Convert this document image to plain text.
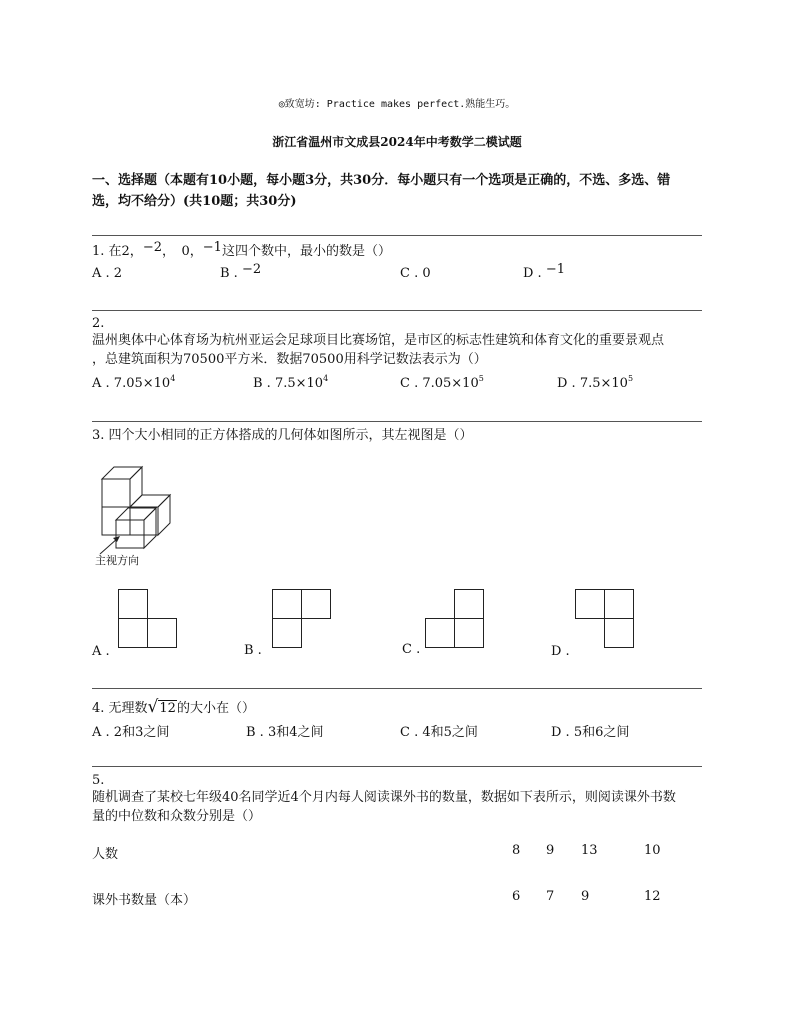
◎致宽坊: Practice makes perfect.熟能生巧。
浙江省温州市文成县2024年中考数学二模试题
一、选择题（本题有10小题，每小题3分，共30分．每小题只有一个选项是正确的，不选、多选、错
选，均不给分）(共10题；共30分)
1. 在2，−2，　0，−1这四个数中，最小的数是（）
A . 2	B . −2	C . 0	D . −1
2.
温州奥体中心体育场为杭州亚运会足球项目比赛场馆，是市区的标志性建筑和体育文化的重要景观点
，总建筑面积为70500平方米．数据70500用科学记数法表示为（）
A . $7.05\times 10^4$	B . $7.5\times 10^4$	C . $7.05\times 10^5$	D . $7.5\times 10^5$
3. 四个大小相同的正方体搭成的几何体如图所示，其左视图是（）
主视方向
A .	B .	C .	D .
4. 无理数√12的大小在（）
A . 2和3之间	B . 3和4之间	C . 4和5之间	D . 5和6之间
5.
随机调查了某校七年级40名同学近4个月内每人阅读课外书的数量，数据如下表所示，则阅读课外书数
量的中位数和众数分别是（）
人数	8 9 13	10
课外书数量（本）	6 7 9	12
